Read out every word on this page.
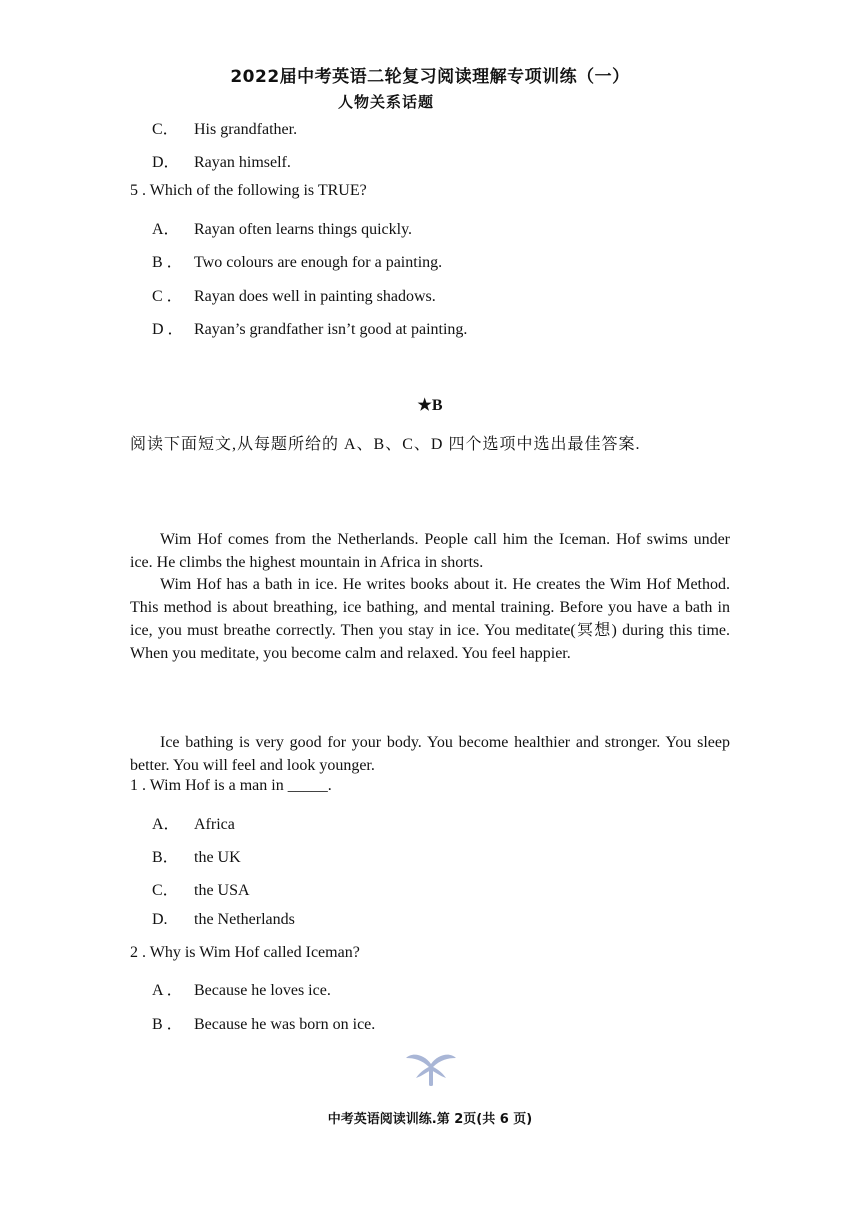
2022届中考英语二轮复习阅读理解专项训练（一）
人物关系话题
C． His grandfather.
D． Rayan himself.
5 . Which of the following is TRUE?
A． Rayan often learns things quickly.
B ． Two colours are enough for a painting.
C ． Rayan does well in painting shadows.
D ． Rayan’s grandfather isn’t good at painting.
★B
阅读下面短文,从每题所给的 A、B、C、D 四个选项中选出最佳答案.

Wim Hof comes from the Netherlands. People call him the Iceman. Hof swims under ice. He climbs the highest mountain in Africa in shorts.

Wim Hof has a bath in ice. He writes books about it. He creates the Wim Hof Method. This method is about breathing, ice bathing, and mental training. Before you have a bath in ice, you must breathe correctly. Then you stay in ice. You meditate(冥想) during this time. When you meditate, you become calm and relaxed. You feel happier.

Ice bathing is very good for your body. You become healthier and stronger. You sleep better. You will feel and look younger.

1 . Wim Hof is a man in _____.
A． Africa
B． the UK
C． the USA
D. the Netherlands
2 . Why is Wim Hof called Iceman?
A ． Because he loves ice.
B ． Because he was born on ice.
中考英语阅读训练.第 2页(共 6 页)
